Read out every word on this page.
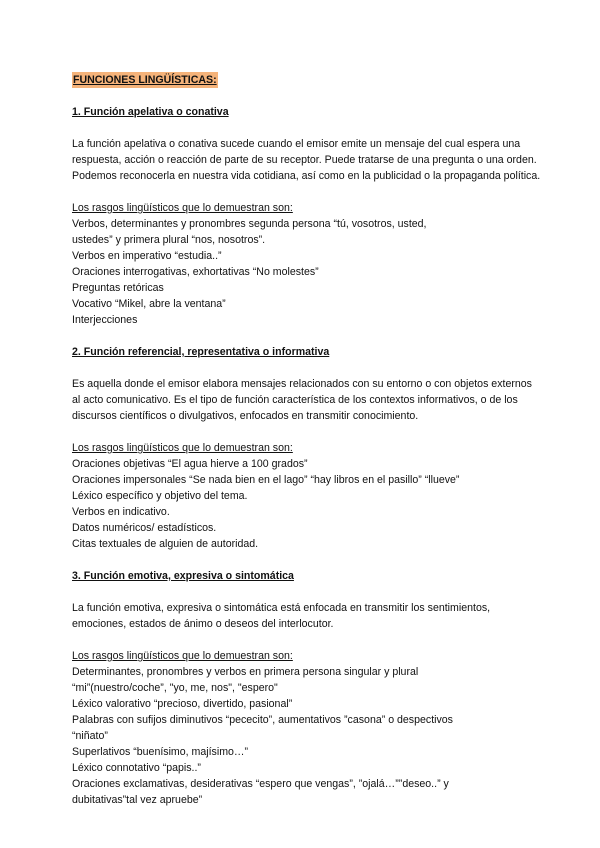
FUNCIONES LINGÜÍSTICAS:
1. Función apelativa o conativa

La función apelativa o conativa sucede cuando el emisor emite un mensaje del cual espera una respuesta, acción o reacción de parte de su receptor. Puede tratarse de una pregunta o una orden. Podemos reconocerla en nuestra vida cotidiana, así como en la publicidad o la propaganda política.

Los rasgos lingüísticos que lo demuestran son:
Verbos, determinantes y pronombres segunda persona “tú, vosotros, usted,
ustedes” y primera plural “nos, nosotros”.
Verbos en imperativo “estudia..”
Oraciones interrogativas, exhortativas “No molestes”
Preguntas retóricas
Vocativo “Mikel, abre la ventana”
Interjecciones
2. Función referencial, representativa o informativa

Es aquella donde el emisor elabora mensajes relacionados con su entorno o con objetos externos al acto comunicativo. Es el tipo de función característica de los contextos informativos, o de los discursos científicos o divulgativos, enfocados en transmitir conocimiento.

Los rasgos lingüísticos que lo demuestran son:
Oraciones objetivas “El agua hierve a 100 grados”
Oraciones impersonales “Se nada bien en el lago” “hay libros en el pasillo” “llueve”
Léxico específico y objetivo del tema.
Verbos en indicativo.
Datos numéricos/ estadísticos.
Citas textuales de alguien de autoridad.
3. Función emotiva, expresiva o sintomática

La función emotiva, expresiva o sintomática está enfocada en transmitir los sentimientos, emociones, estados de ánimo o deseos del interlocutor.

Los rasgos lingüísticos que lo demuestran son:
Determinantes, pronombres y verbos en primera persona singular y plural
“mi”(nuestro/coche”, "yo, me, nos", "espero"
Léxico valorativo “precioso, divertido, pasional”
Palabras con sufijos diminutivos “pececito”, aumentativos ”casona” o despectivos
“niñato”
Superlativos “buenísimo, majísimo…”
Léxico connotativo “papis..”
Oraciones exclamativas, desiderativas “espero que vengas”, ”ojalá…””deseo..” y
dubitativas”tal vez apruebe”
